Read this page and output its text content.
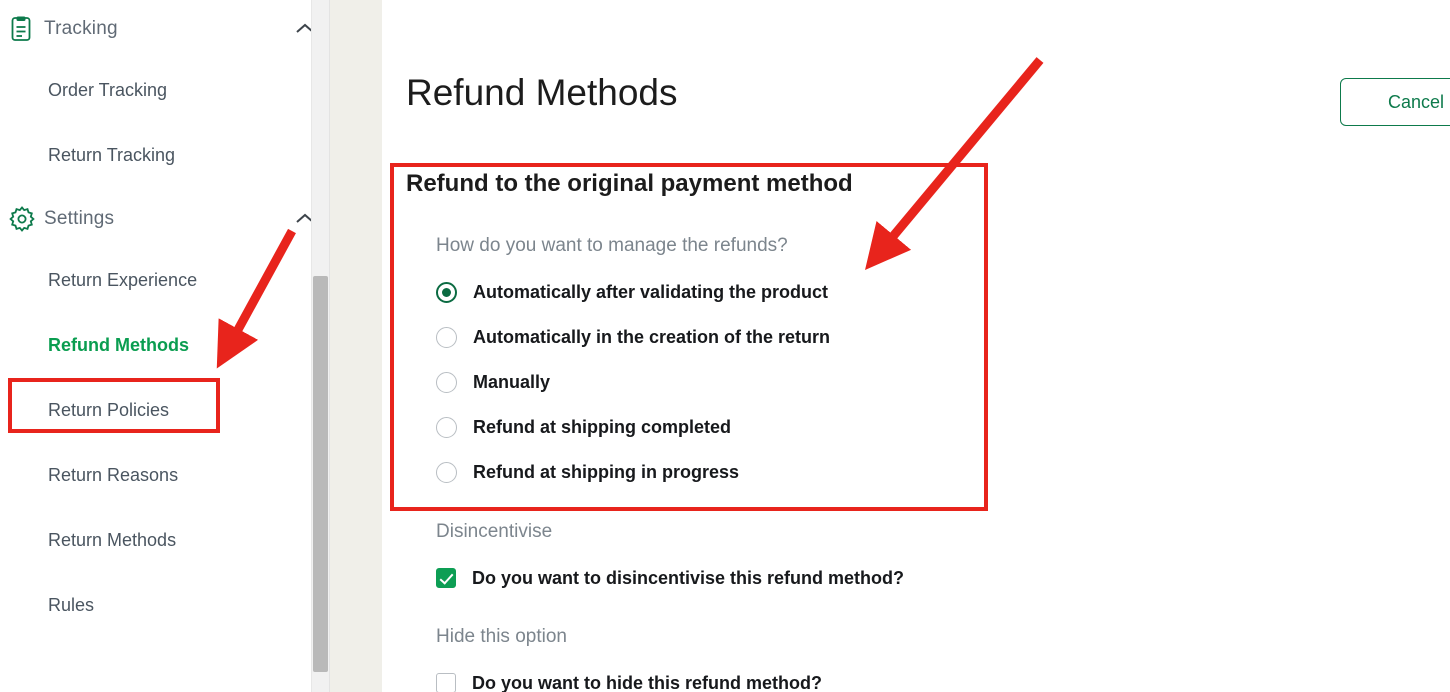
Tracking
Order Tracking
Return Tracking
Settings
Return Experience
Refund Methods
Return Policies
Return Reasons
Return Methods
Rules
Refund Methods	Cancel
Refund to the original payment method
How do you want to manage the refunds?
Automatically after validating the product
Automatically in the creation of the return
Manually
Refund at shipping completed
Refund at shipping in progress
Disincentivise
Do you want to disincentivise this refund method?
Hide this option
Do you want to hide this refund method?
